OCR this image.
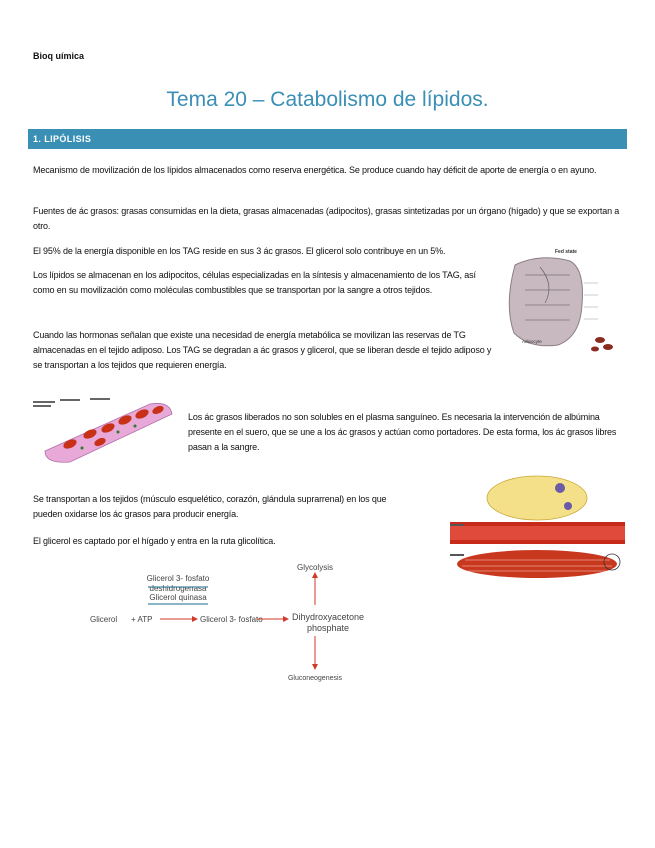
Bioq uímica
Tema 20 – Catabolismo de lípidos.
1. LIPÓLISIS
Mecanismo de movilización de los lípidos almacenados como reserva energética. Se produce cuando hay déficit de aporte de energía o en ayuno.
Fuentes de ác grasos: grasas consumidas en la dieta, grasas almacenadas (adipocitos), grasas sintetizadas por un órgano (hígado) y que se exportan a otro.
El 95% de la energía disponible en los TAG reside en sus 3 ác grasos. El glicerol solo contribuye en un 5%.
Los lípidos se almacenan en los adipocitos, células especializadas en la síntesis y almacenamiento de los TAG, así como en su movilización como moléculas combustibles que se transportan por la sangre a otros tejidos.
Cuando las hormonas señalan que existe una necesidad de energía metabólica se movilizan las reservas de TG almacenadas en el tejido adiposo. Los TAG se degradan a ác grasos y glicerol, que se liberan desde el tejido adiposo y se transportan a los tejidos que requieren energía.
Los ác grasos liberados no son solubles en el plasma sanguíneo. Es necesaria la intervención de albúmina presente en el suero, que se une a los ác grasos y actúan como portadores. De esta forma, los ác grasos libres pasan a la sangre.
Se transportan a los tejidos (músculo esquelético, corazón, glándula suprarrenal) en los que pueden oxidarse los ác grasos para producir energía.
El glicerol es captado por el hígado y entra en la ruta glicolítica.
Fed state
Adipocyte
Glycolysis
Glicerol 3- fosfato
deshidrogenasa
Glicerol quinasa
Glicerol + ATP	Glicerol 3- fosfato	Dihydroxyacetone
phosphate
Gluconeogenesis
